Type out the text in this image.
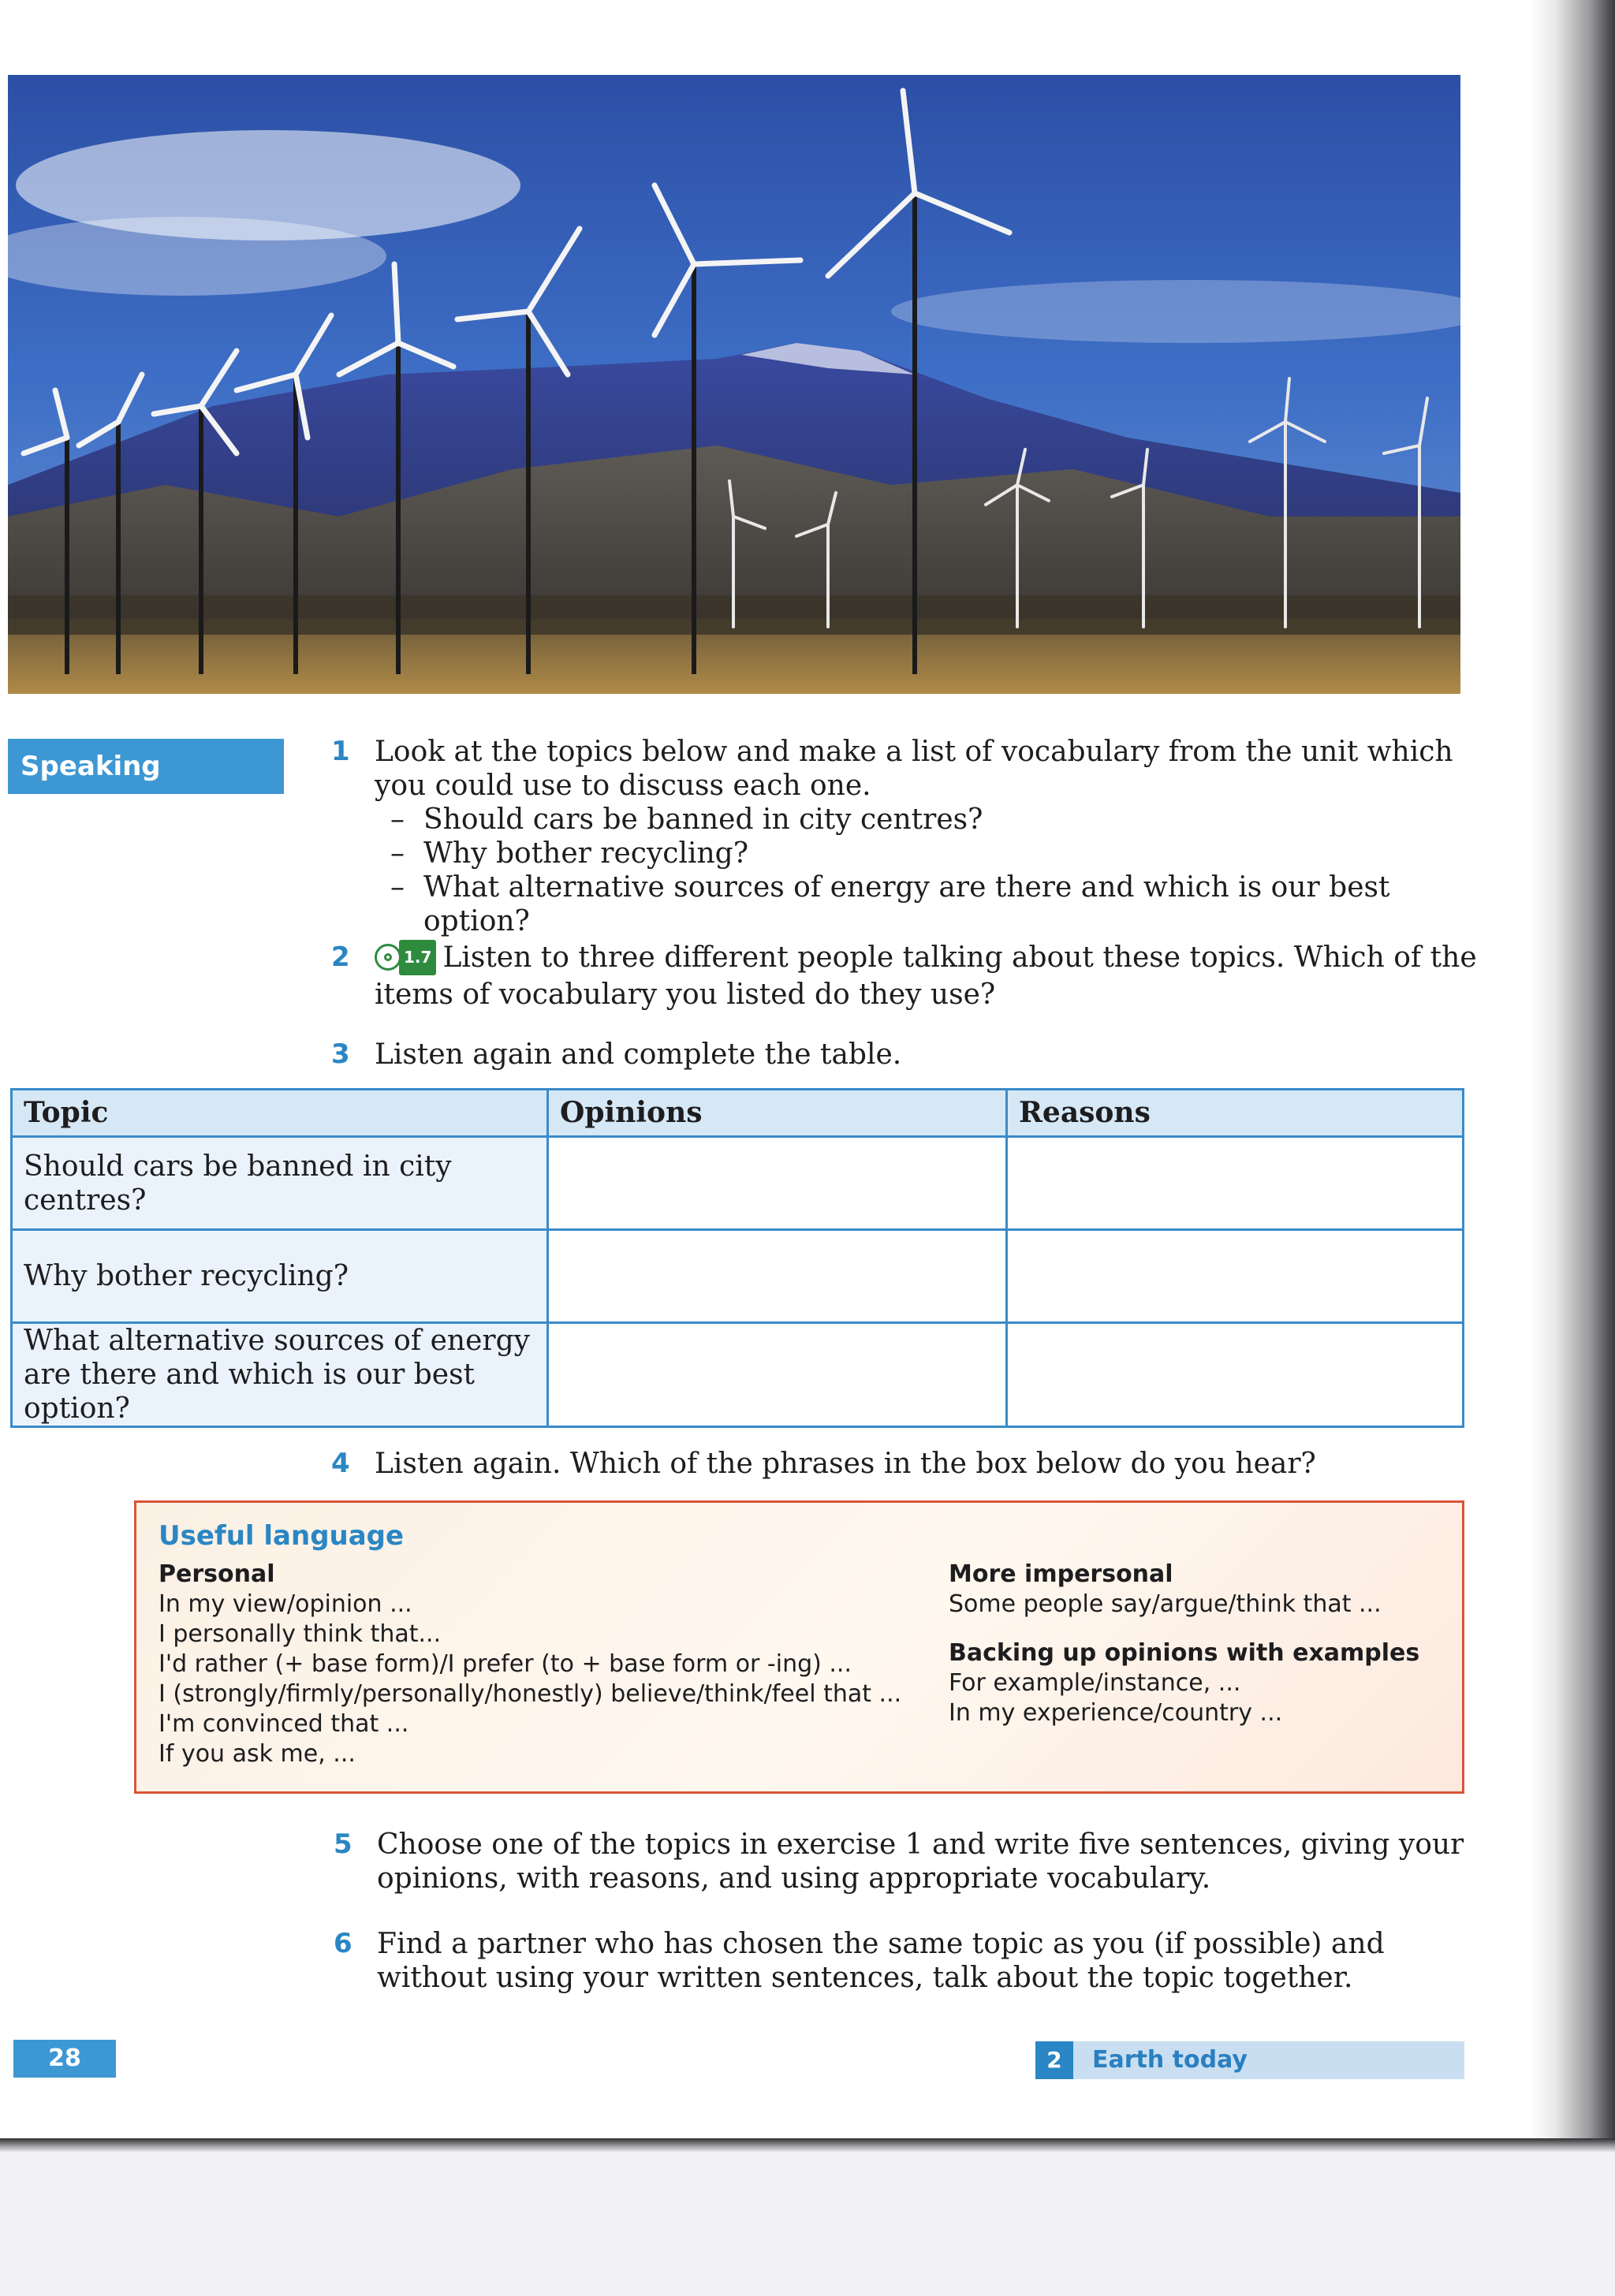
Speaking	1 Look at the topics below and make a list of vocabulary from the unit which you could use to discuss each one.
– Should cars be banned in city centres?
– Why bother recycling?
– What alternative sources of energy are there and which is our best option?
2	1.7 Listen to three different people talking about these topics. Which of the items of vocabulary you listed do they use?
3 Listen again and complete the table.
Topic	Opinions	Reasons
Should cars be banned in city centres?		
Why bother recycling?		
What alternative sources of energy are there and which is our best option?		
4 Listen again. Which of the phrases in the box below do you hear?
Useful language
Personal
In my view/opinion ...
I personally think that...
I'd rather (+ base form)/I prefer (to + base form or -ing) ...
I (strongly/firmly/personally/honestly) believe/think/feel that ...
I'm convinced that ...
If you ask me, ...
More impersonal
Some people say/argue/think that ...
Backing up opinions with examples
For example/instance, ...
In my experience/country ...
5 Choose one of the topics in exercise 1 and write five sentences, giving your opinions, with reasons, and using appropriate vocabulary.
6 Find a partner who has chosen the same topic as you (if possible) and without using your written sentences, talk about the topic together.
28	2	Earth today
